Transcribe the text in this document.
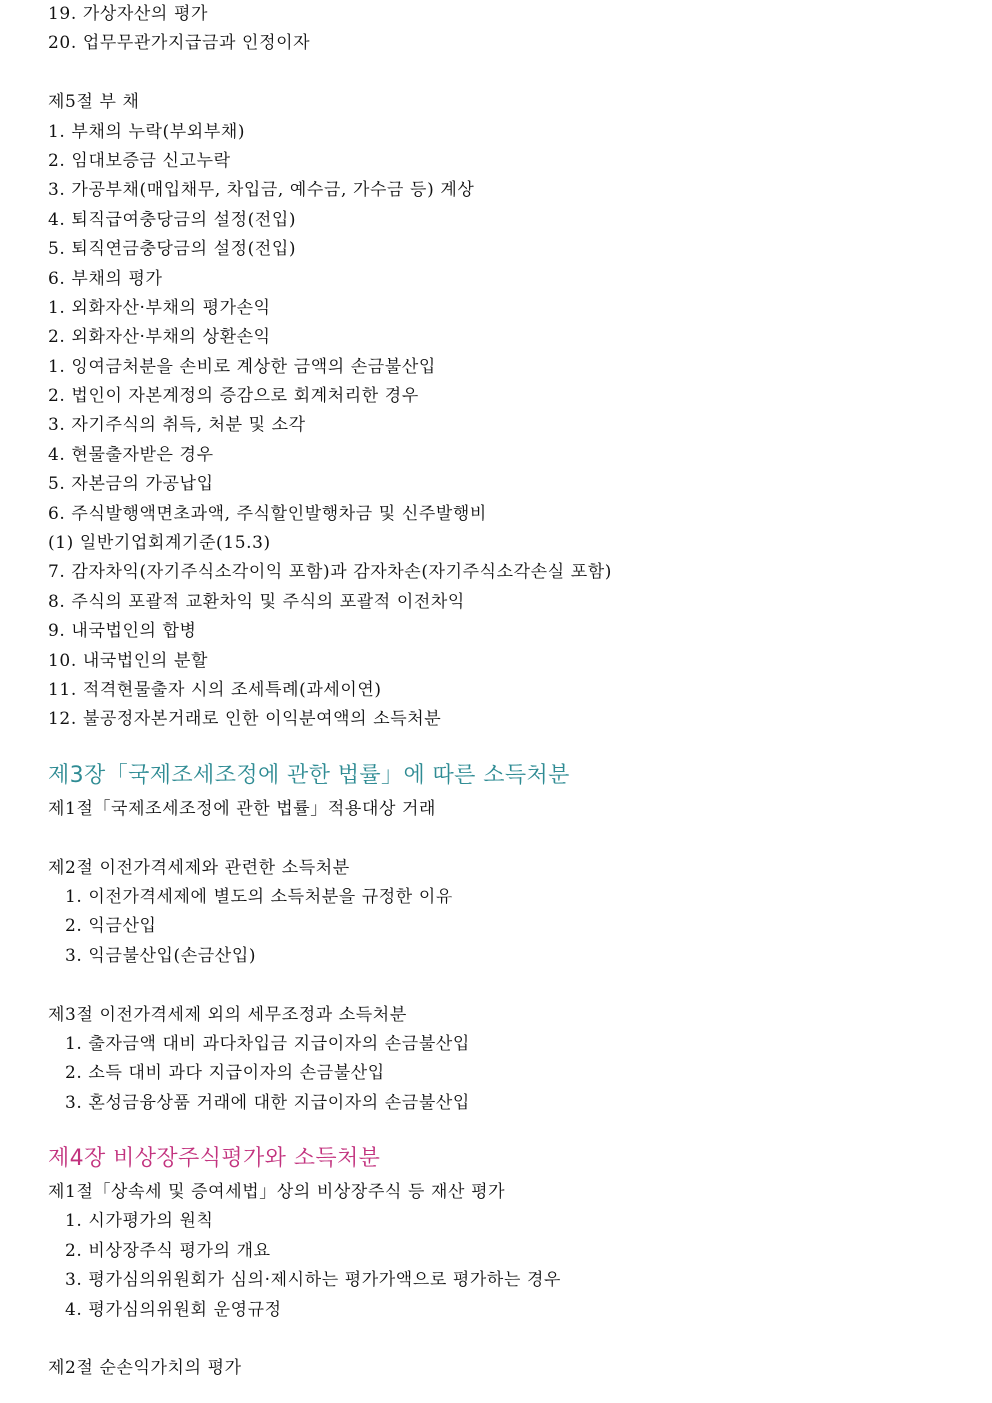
19. 가상자산의 평가
20. 업무무관가지급금과 인정이자
제5절 부 채
1. 부채의 누락(부외부채)
2. 임대보증금 신고누락
3. 가공부채(매입채무, 차입금, 예수금, 가수금 등) 계상
4. 퇴직급여충당금의 설정(전입)
5. 퇴직연금충당금의 설정(전입)
6. 부채의 평가
1. 외화자산·부채의 평가손익
2. 외화자산·부채의 상환손익
1. 잉여금처분을 손비로 계상한 금액의 손금불산입
2. 법인이 자본계정의 증감으로 회계처리한 경우
3. 자기주식의 취득, 처분 및 소각
4. 현물출자받은 경우
5. 자본금의 가공납입
6. 주식발행액면초과액, 주식할인발행차금 및 신주발행비
(1) 일반기업회계기준(15.3)
7. 감자차익(자기주식소각이익 포함)과 감자차손(자기주식소각손실 포함)
8. 주식의 포괄적 교환차익 및 주식의 포괄적 이전차익
9. 내국법인의 합병
10. 내국법인의 분할
11. 적격현물출자 시의 조세특례(과세이연)
12. 불공정자본거래로 인한 이익분여액의 소득처분
제3장「국제조세조정에 관한 법률」에 따른 소득처분
제1절「국제조세조정에 관한 법률」적용대상 거래
제2절 이전가격세제와 관련한 소득처분
1. 이전가격세제에 별도의 소득처분을 규정한 이유
2. 익금산입
3. 익금불산입(손금산입)
제3절 이전가격세제 외의 세무조정과 소득처분
1. 출자금액 대비 과다차입금 지급이자의 손금불산입
2. 소득 대비 과다 지급이자의 손금불산입
3. 혼성금융상품 거래에 대한 지급이자의 손금불산입
제4장 비상장주식평가와 소득처분
제1절「상속세 및 증여세법」상의 비상장주식 등 재산 평가
1. 시가평가의 원칙
2. 비상장주식 평가의 개요
3. 평가심의위원회가 심의·제시하는 평가가액으로 평가하는 경우
4. 평가심의위원회 운영규정
제2절 순손익가치의 평가
